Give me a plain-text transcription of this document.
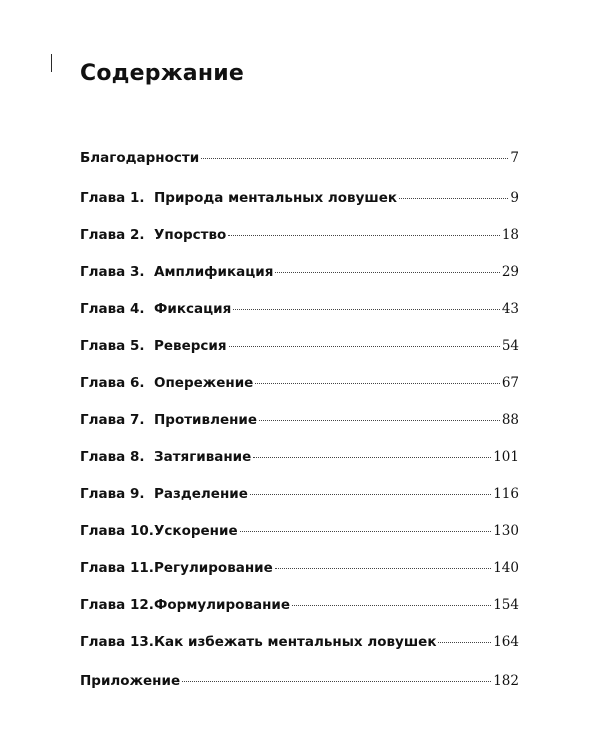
Содержание
Благодарности	7
Глава 1. Природа ментальных ловушек	9
Глава 2. Упорство	18
Глава 3. Амплификация	29
Глава 4. Фиксация	43
Глава 5. Реверсия	54
Глава 6. Опережение	67
Глава 7. Противление	88
Глава 8. Затягивание	101
Глава 9. Разделение	116
Глава 10. Ускорение	130
Глава 11. Регулирование	140
Глава 12. Формулирование	154
Глава 13. Как избежать ментальных ловушек	164
Приложение	182
